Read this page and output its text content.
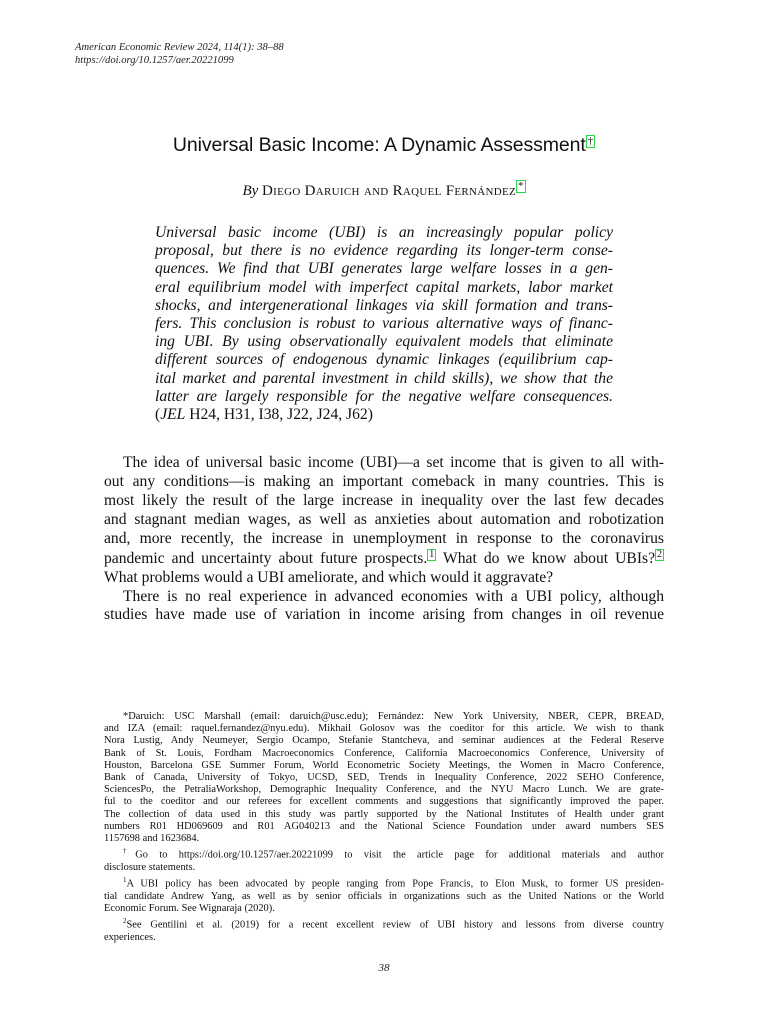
American Economic Review 2024, 114(1): 38–88
https://doi.org/10.1257/aer.20221099
Universal Basic Income: A Dynamic Assessment †
By Diego Daruich and Raquel Fernández *
Universal basic income (UBI) is an increasingly popular policy
proposal, but there is no evidence regarding its longer-term conse-
quences. We find that UBI generates large welfare losses in a gen-
eral equilibrium model with imperfect capital markets, labor market
shocks, and intergenerational linkages via skill formation and trans-
fers. This conclusion is robust to various alternative ways of financ-
ing UBI. By using observationally equivalent models that eliminate
different sources of endogenous dynamic linkages (equilibrium cap-
ital market and parental investment in child skills), we show that the
latter are largely responsible for the negative welfare consequences.
(JEL H24, H31, I38, J22, J24, J62)
The idea of universal basic income (UBI)—a set income that is given to all with-
out any conditions—is making an important comeback in many countries. This is
most likely the result of the large increase in inequality over the last few decades
and stagnant median wages, as well as anxieties about automation and robotization
and, more recently, the increase in unemployment in response to the coronavirus
pandemic and uncertainty about future prospects. 1 What do we know about UBIs? 2
What problems would a UBI ameliorate, and which would it aggravate?
There is no real experience in advanced economies with a UBI policy, although
studies have made use of variation in income arising from changes in oil revenue
*Daruich: USC Marshall (email: daruich@usc.edu); Fernández: New York University, NBER, CEPR, BREAD,
and IZA (email: raquel.fernandez@nyu.edu). Mikhail Golosov was the coeditor for this article. We wish to thank
Nora Lustig, Andy Neumeyer, Sergio Ocampo, Stefanie Stantcheva, and seminar audiences at the Federal Reserve
Bank of St. Louis, Fordham Macroeconomics Conference, California Macroeconomics Conference, University of
Houston, Barcelona GSE Summer Forum, World Econometric Society Meetings, the Women in Macro Conference,
Bank of Canada, University of Tokyo, UCSD, SED, Trends in Inequality Conference, 2022 SEHO Conference,
SciencesPo, the PetraliaWorkshop, Demographic Inequality Conference, and the NYU Macro Lunch. We are grate-
ful to the coeditor and our referees for excellent comments and suggestions that significantly improved the paper.
The collection of data used in this study was partly supported by the National Institutes of Health under grant
numbers R01 HD069609 and R01 AG040213 and the National Science Foundation under award numbers SES
1157698 and 1623684.
†Go to https://doi.org/10.1257/aer.20221099 to visit the article page for additional materials and author
disclosure statements.
$^1$A UBI policy has been advocated by people ranging from Pope Francis, to Elon Musk, to former US presiden-
tial candidate Andrew Yang, as well as by senior officials in organizations such as the United Nations or the World
Economic Forum. See Wignaraja (2020).
$^2$See Gentilini et al. (2019) for a recent excellent review of UBI history and lessons from diverse country
experiences.
38
